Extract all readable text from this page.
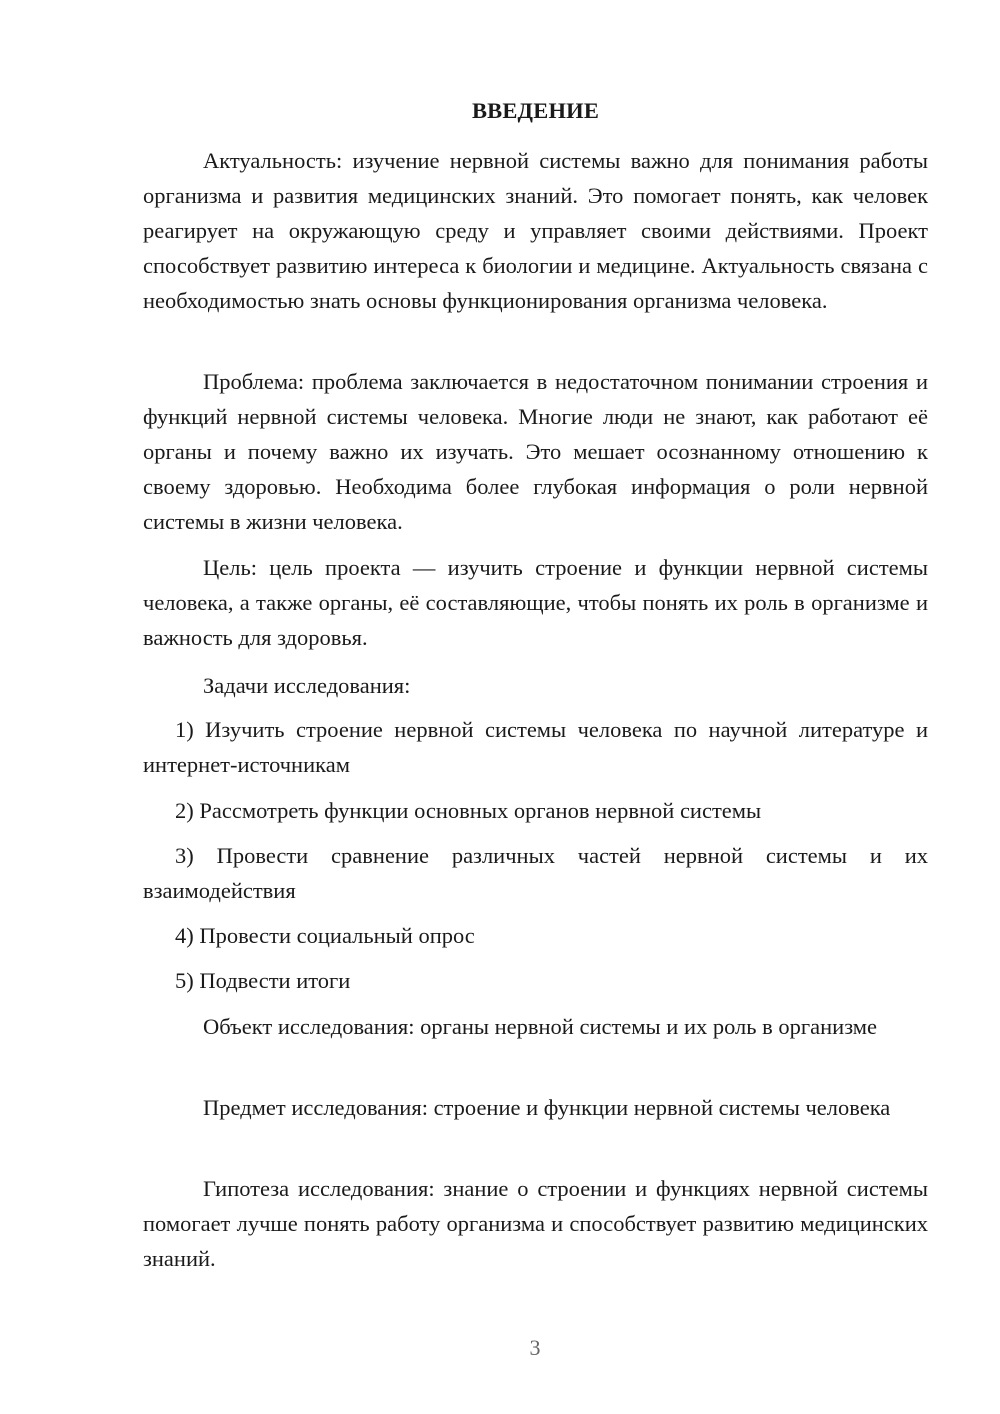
ВВЕДЕНИЕ

Актуальность: изучение нервной системы важно для понимания работы организма и развития медицинских знаний. Это помогает понять, как человек реагирует на окружающую среду и управляет своими действиями. Проект способствует развитию интереса к биологии и медицине. Актуальность связана с необходимостью знать основы функционирования организма человека.

Проблема: проблема заключается в недостаточном понимании строения и функций нервной системы человека. Многие люди не знают, как работают её органы и почему важно их изучать. Это мешает осознанному отношению к своему здоровью. Необходима более глубокая информация о роли нервной системы в жизни человека.

Цель: цель проекта — изучить строение и функции нервной системы человека, а также органы, её составляющие, чтобы понять их роль в организме и важность для здоровья.

Задачи исследования:

1) Изучить строение нервной системы человека по научной литературе и интернет-источникам

2) Рассмотреть функции основных органов нервной системы

3) Провести сравнение различных частей нервной системы и их взаимодействия

4) Провести социальный опрос

5) Подвести итоги

Объект исследования: органы нервной системы и их роль в организме

Предмет исследования: строение и функции нервной системы человека

Гипотеза исследования: знание о строении и функциях нервной системы помогает лучше понять работу организма и способствует развитию медицинских знаний.

3
